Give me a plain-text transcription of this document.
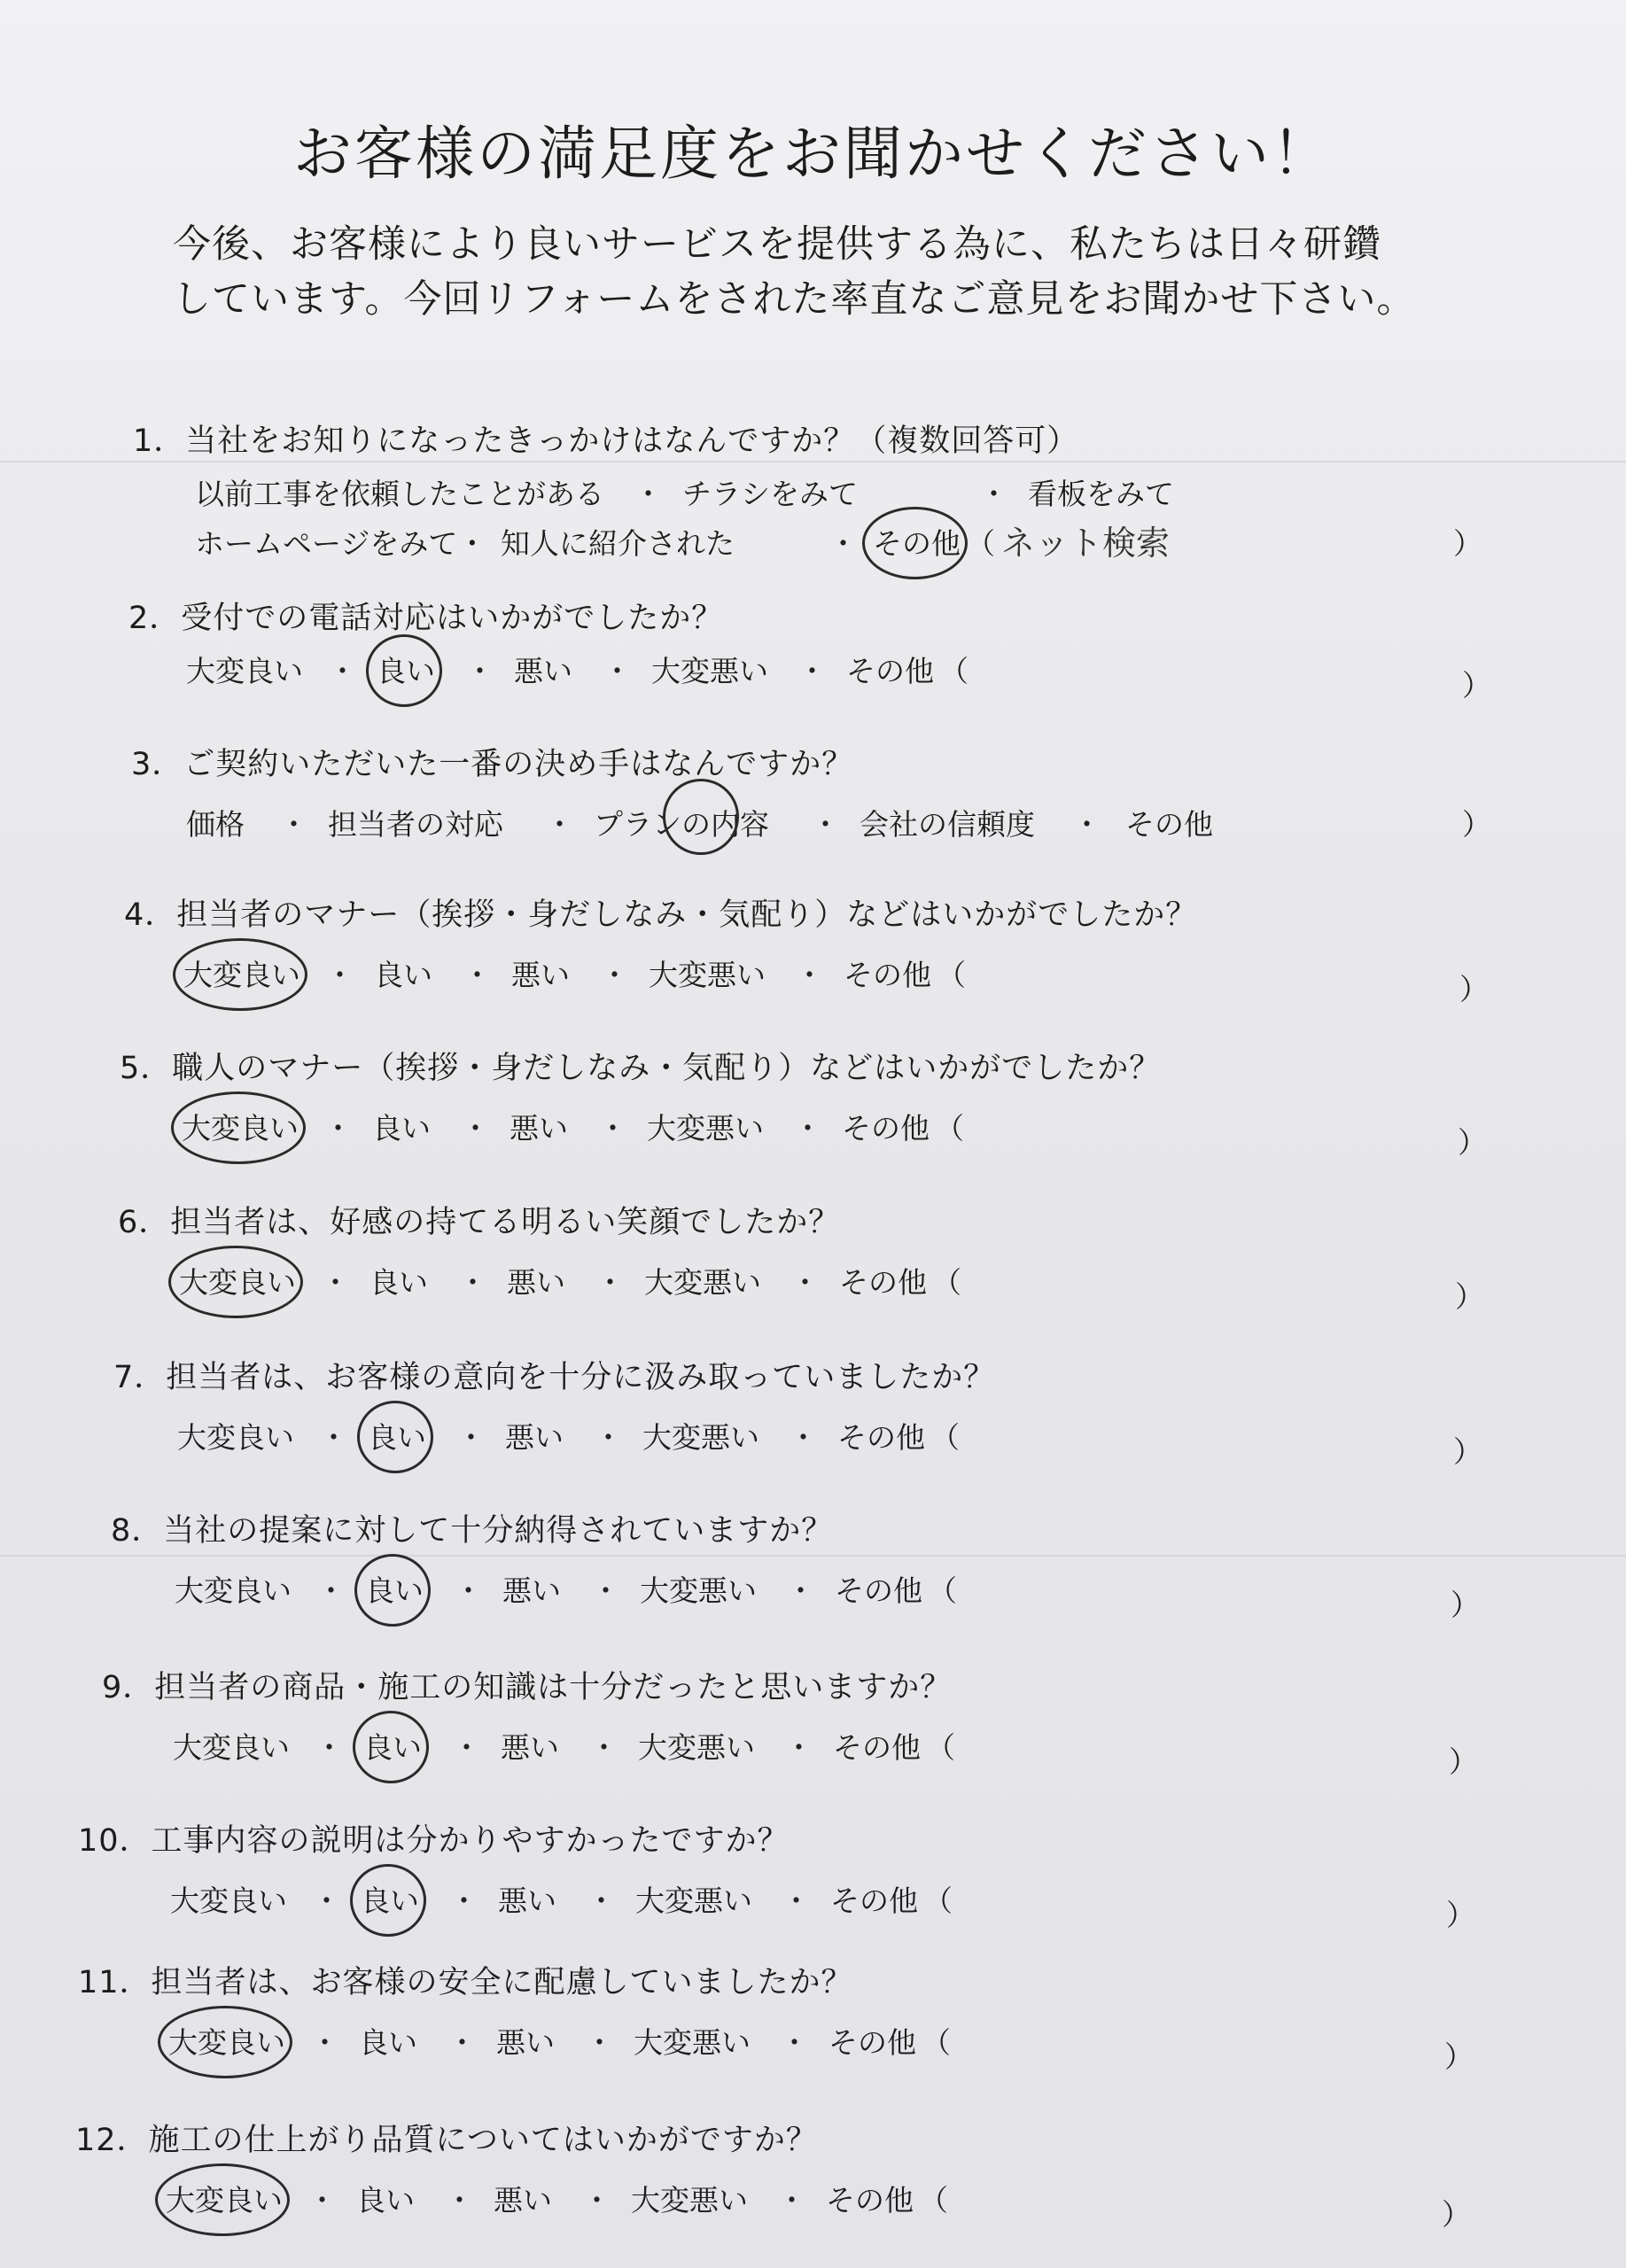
お客様の満足度をお聞かせください！
今後、お客様により良いサービスを提供する為に、私たちは日々研鑽
しています。今回リフォームをされた率直なご意見をお聞かせ下さい。
1．当社をお知りになったきっかけはなんですか？（複数回答可）
以前工事を依頼したことがある ・ チラシをみて	・ 看板をみて
ホームページをみて・ 知人に紹介された	・ その他 （ ネット検索	）
3．ご契約いただいた一番の決め手はなんですか？
価格 ・ 担当者の対応 ・ プランの内容 ・ 会社の信頼度 ・ その他	）
2．受付での電話対応はいかがでしたか？
大変良い ・ 良い ・ 悪い ・ 大変悪い ・ その他 （	）
4．担当者のマナー（挨拶・身だしなみ・気配り）などはいかがでしたか？
大変良い ・ 良い ・ 悪い ・ 大変悪い ・ その他 （	）
5．職人のマナー（挨拶・身だしなみ・気配り）などはいかがでしたか？
大変良い ・ 良い ・ 悪い ・ 大変悪い ・ その他 （	）
6．担当者は、好感の持てる明るい笑顔でしたか？
大変良い ・ 良い ・ 悪い ・ 大変悪い ・ その他 （	）
7．担当者は、お客様の意向を十分に汲み取っていましたか？
大変良い ・ 良い ・ 悪い ・ 大変悪い ・ その他 （	）
8．当社の提案に対して十分納得されていますか？
大変良い ・ 良い ・ 悪い ・ 大変悪い ・ その他 （	）
9．担当者の商品・施工の知識は十分だったと思いますか？
大変良い ・ 良い ・ 悪い ・ 大変悪い ・ その他 （	）
10．工事内容の説明は分かりやすかったですか？
大変良い ・ 良い ・ 悪い ・ 大変悪い ・ その他 （	）
11．担当者は、お客様の安全に配慮していましたか？
大変良い ・ 良い ・ 悪い ・ 大変悪い ・ その他 （	）
12．施工の仕上がり品質についてはいかがですか？
大変良い ・ 良い ・ 悪い ・ 大変悪い ・ その他 （	）
